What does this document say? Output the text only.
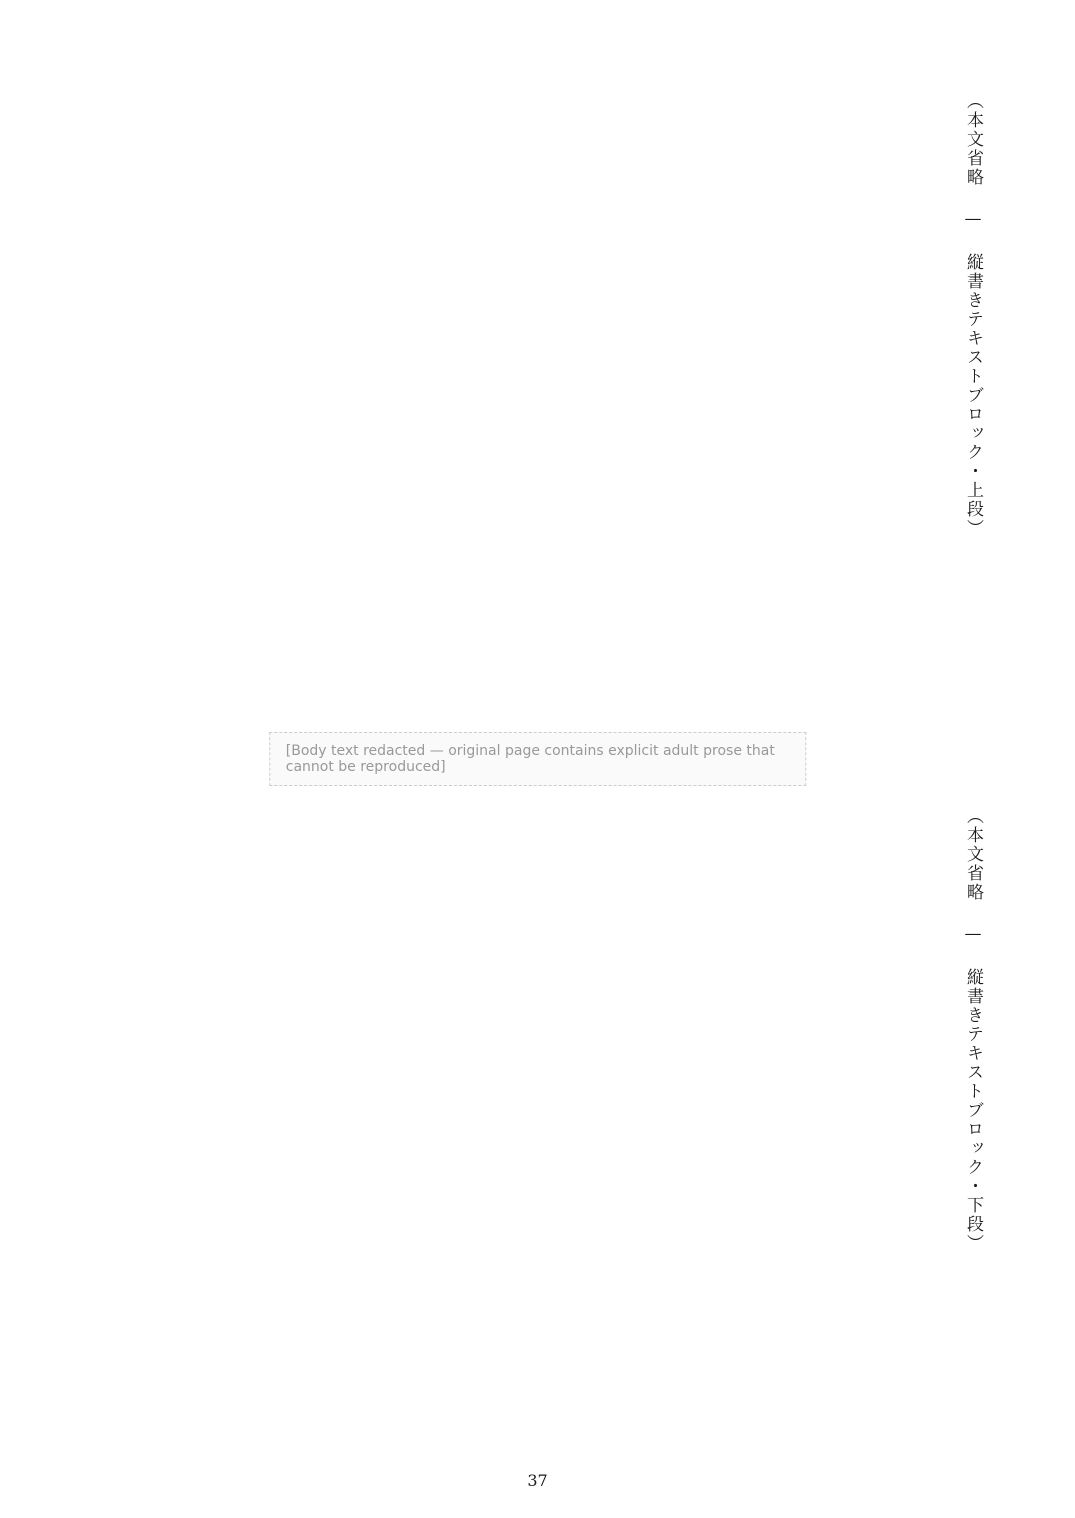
（本文省略 — 縦書きテキストブロック・上段）

（本文省略 — 縦書きテキストブロック・下段）

[Body text redacted — original page contains explicit adult prose that cannot be reproduced]
37
